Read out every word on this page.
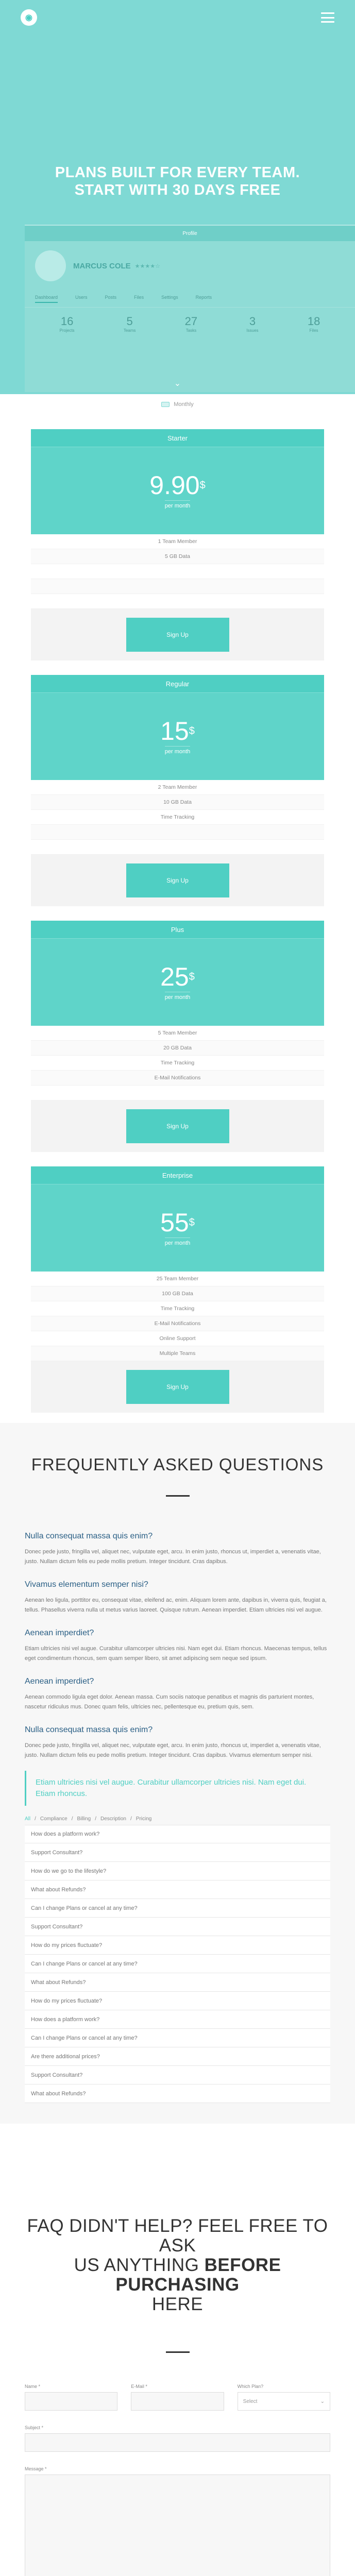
◉
PLANS BUILT FOR EVERY TEAM.
START WITH 30 DAYS FREE
Profile
MARCUS COLE ★★★★☆
Dashboard	Users	Posts	Files	Settings	Reports
16
Projects
5
Teams
27
Tasks
3
Issues
18
Files
⌄
Monthly
Starter
9.90$
per month
1 Team Member
5 GB Data
Sign Up
Regular
15$
per month
2 Team Member
10 GB Data
Time Tracking
Sign Up
Plus
25$
per month
5 Team Member
20 GB Data
Time Tracking
E-Mail Notifications
Sign Up
Enterprise
55$
per month
25 Team Member
100 GB Data
Time Tracking
E-Mail Notifications
Online Support
Multiple Teams
Sign Up
FREQUENTLY ASKED QUESTIONS
Nulla consequat massa quis enim?

Donec pede justo, fringilla vel, aliquet nec, vulputate eget, arcu. In enim justo, rhoncus ut, imperdiet a, venenatis vitae, justo. Nullam dictum felis eu pede mollis pretium. Integer tincidunt. Cras dapibus.

Vivamus elementum semper nisi?

Aenean leo ligula, porttitor eu, consequat vitae, eleifend ac, enim. Aliquam lorem ante, dapibus in, viverra quis, feugiat a, tellus. Phasellus viverra nulla ut metus varius laoreet. Quisque rutrum. Aenean imperdiet. Etiam ultricies nisi vel augue.

Aenean imperdiet?

Etiam ultricies nisi vel augue. Curabitur ullamcorper ultricies nisi. Nam eget dui. Etiam rhoncus. Maecenas tempus, tellus eget condimentum rhoncus, sem quam semper libero, sit amet adipiscing sem neque sed ipsum.

Aenean imperdiet?

Aenean commodo ligula eget dolor. Aenean massa. Cum sociis natoque penatibus et magnis dis parturient montes, nascetur ridiculus mus. Donec quam felis, ultricies nec, pellentesque eu, pretium quis, sem.

Nulla consequat massa quis enim?

Donec pede justo, fringilla vel, aliquet nec, vulputate eget, arcu. In enim justo, rhoncus ut, imperdiet a, venenatis vitae, justo. Nullam dictum felis eu pede mollis pretium. Integer tincidunt. Cras dapibus. Vivamus elementum semper nisi.

Etiam ultricies nisi vel augue. Curabitur ullamcorper ultricies nisi. Nam eget dui. Etiam rhoncus.
All / Compliance / Billing / Description / Pricing
How does a platform work?
Support Consultant?
How do we go to the lifestyle?
What about Refunds?
Can I change Plans or cancel at any time?
Support Consultant?
How do my prices fluctuate?
Can I change Plans or cancel at any time?
What about Refunds?
How do my prices fluctuate?
How does a platform work?
Can I change Plans or cancel at any time?
Are there additional prices?
Support Consultant?
What about Refunds?
FAQ DIDN'T HELP? FEEL FREE TO ASK
US ANYTHING BEFORE PURCHASING
HERE
Name *	E-Mail *	Which Plan?
Select	⌄
Subject *
Message *
